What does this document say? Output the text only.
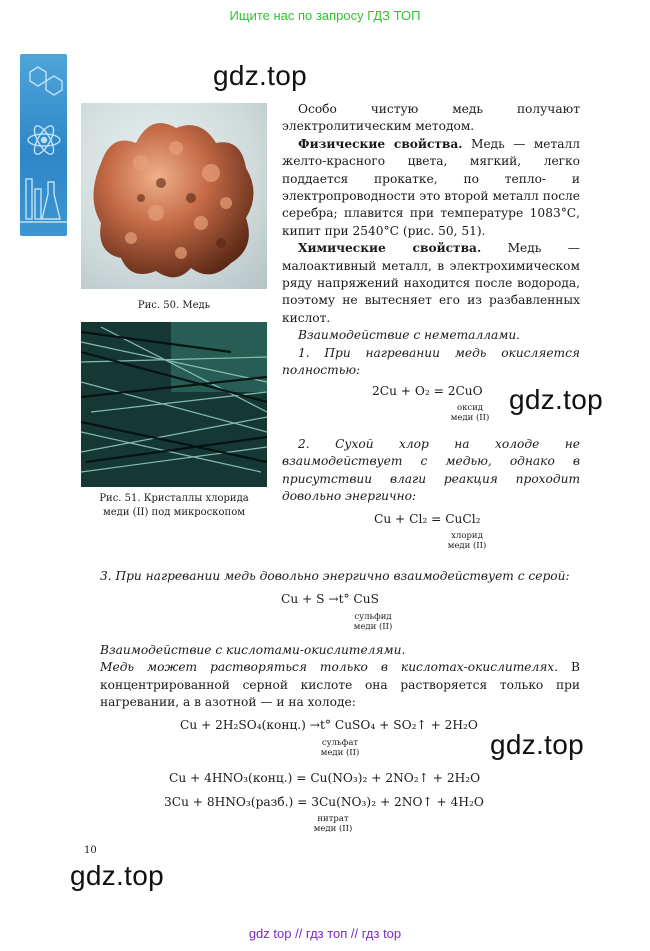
Ищите нас по запросу ГДЗ ТОП
gdz.top
gdz.top
gdz.top
gdz.top
Рис. 50. Медь
Рис. 51. Кристаллы хлорида
меди (II) под микроскопом

Особо чистую медь получают электролитическим методом.

Физические свойства. Медь — металл желто-красного цвета, мягкий, легко поддается прокатке, по тепло- и электропроводности это второй металл после серебра; плавится при температуре 1083°С, кипит при 2540°С (рис. 50, 51).

Химические свойства. Медь — малоактивный металл, в электрохимическом ряду напряжений находится после водорода, поэтому не вытесняет его из разбавленных кислот.

Взаимодействие с неметаллами.

1. При нагревании медь окисляется полностью:

2Cu + O₂ = 2CuO
оксид
меди (II)

2. Сухой хлор на холоде не взаимодействует с медью, однако в присутствии влаги реакция проходит довольно энергично:

Cu + Cl₂ = CuCl₂
хлорид
меди (II)

3. При нагревании медь довольно энергично взаимодействует с серой:

Cu + S →t° CuS
сульфид
меди (II)

Взаимодействие с кислотами-окислителями.

Медь может растворяться только в кислотах-окислителях. В концентрированной серной кислоте она растворяется только при нагревании, а в азотной — и на холоде:

Cu + 2H₂SO₄(конц.) →t° CuSO₄ + SO₂↑ + 2H₂O
сульфат
меди (II)
Cu + 4HNO₃(конц.) = Cu(NO₃)₂ + 2NO₂↑ + 2H₂O
3Cu + 8HNO₃(разб.) = 3Cu(NO₃)₂ + 2NO↑ + 4H₂O
нитрат
меди (II)
10
gdz top // гдз топ // гдз top
